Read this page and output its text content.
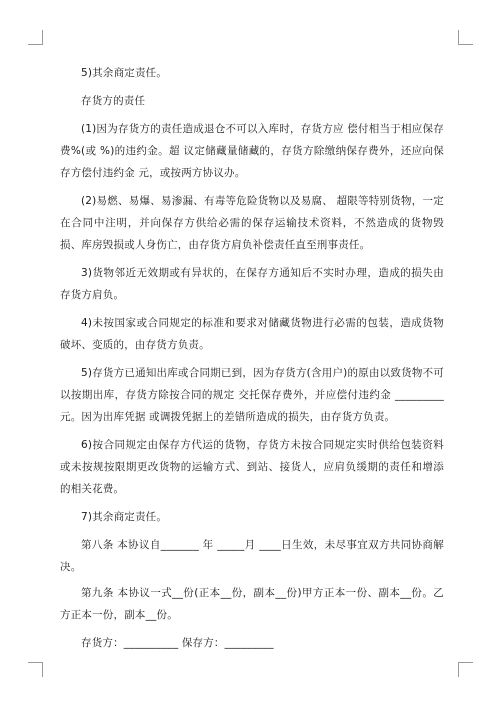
5)其余商定责任。

存货方的责任

(1)因为存货方的责任造成退仓不可以入库时，存货方应 偿付相当于相应保存费%(或 %)的违约金。超 议定储藏量储藏的，存货方除缴纳保存费外，还应向保存方偿付违约金 元，或按两方协议办。

(2)易燃、易爆、易渗漏、有毒等危险货物以及易腐、 超限等特别货物，一定在合同中注明，并向保存方供给必需的保存运输技术资料，不然造成的货物毁损、库房毁损或人身伤亡，由存货方肩负补偿责任直至刑事责任。

3)货物邻近无效期或有异状的，在保存方通知后不实时办理，造成的损失由存货方肩负。

4)未按国家或合同规定的标准和要求对储藏货物进行必需的包装，造成货物破坏、变质的，由存货方负责。

5)存货方已通知出库或合同期已到，因为存货方(含用户)的原由以致货物不可以按期出库，存货方除按合同的规定 交托保存费外，并应偿付违约金 _________元。因为出库凭据 或调拨凭据上的差错所造成的损失，由存货方负责。

6)按合同规定由保存方代运的货物，存货方未按合同规定实时供给包装资料或未按规按限期更改货物的运输方式、到站、接货人，应肩负缓期的责任和增添的相关花费。

7)其余商定责任。

第八条 本协议自_______ 年 _____月 ____日生效，未尽事宜双方共同协商解决。

第九条 本协议一式__份(正本__份，副本__份)甲方正本一份、副本__份。乙方正本一份，副本__份。

存货方：__________ 保存方：_________
